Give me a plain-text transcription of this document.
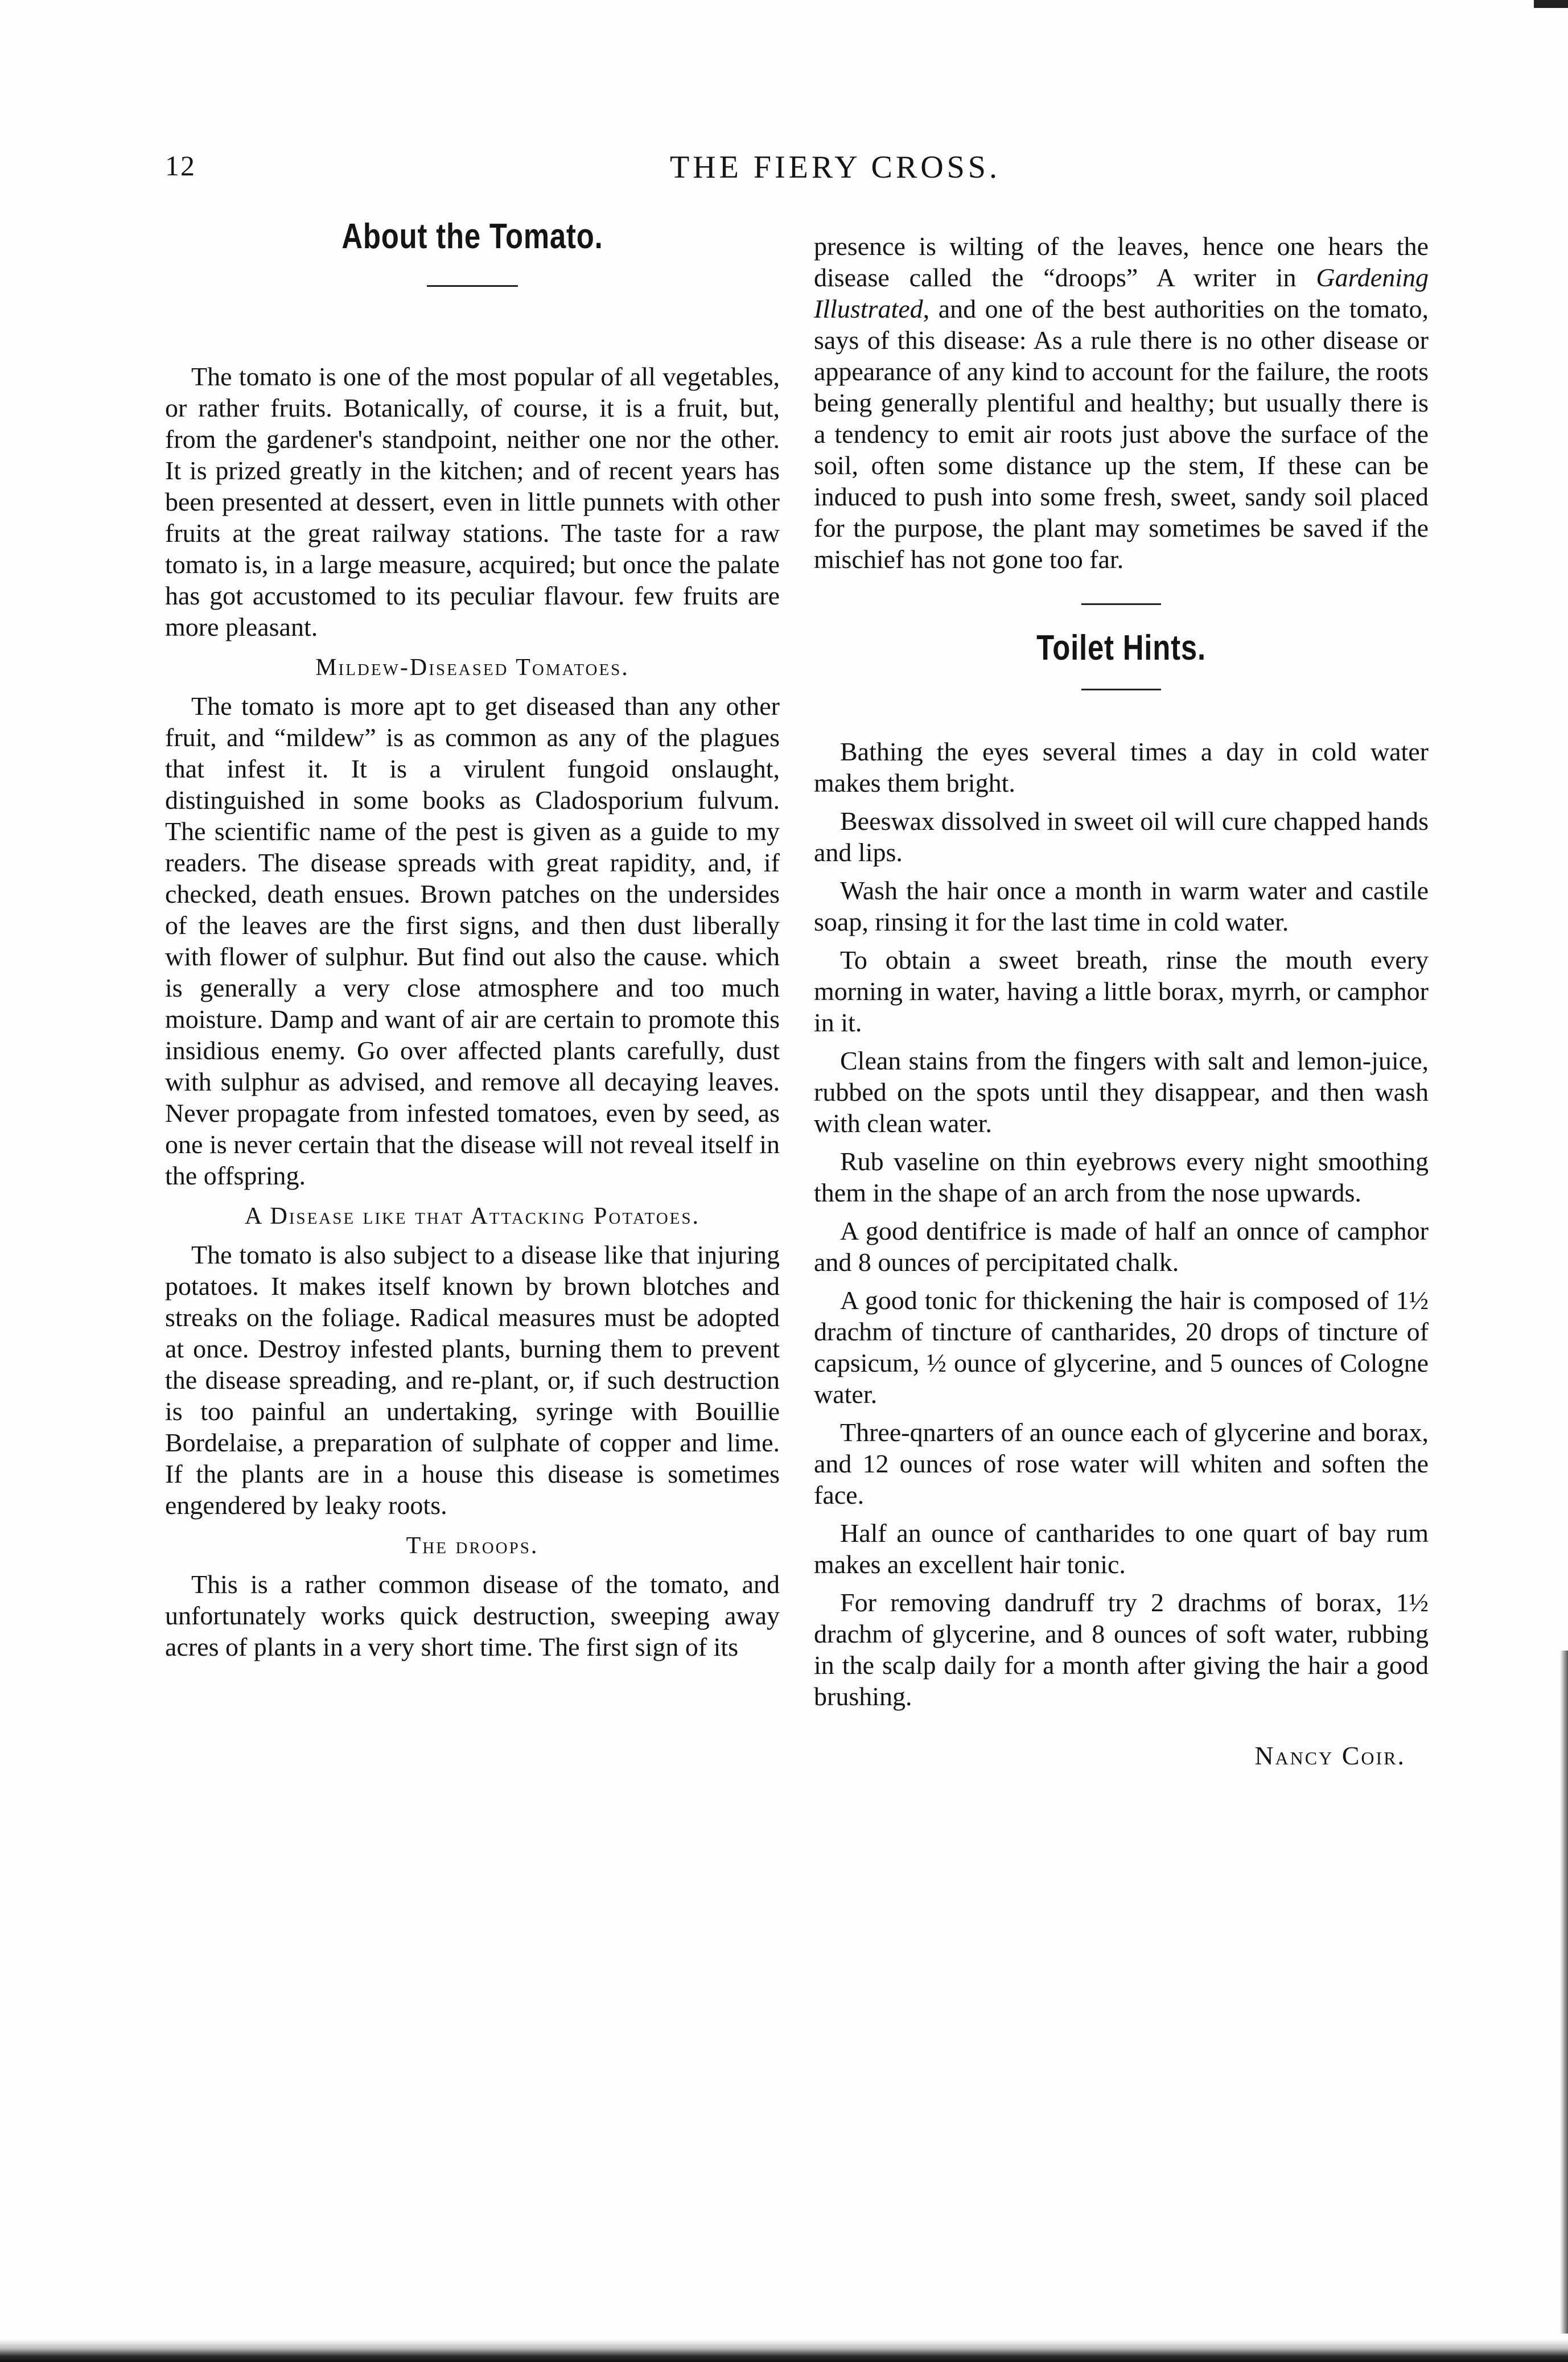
12	THE FIERY CROSS.
About the Tomato.

The tomato is one of the most popular of all vegetables, or rather fruits. Botanically, of course, it is a fruit, but, from the gardener's standpoint, neither one nor the other. It is prized greatly in the kitchen; and of recent years has been presented at dessert, even in little punnets with other fruits at the great railway stations. The taste for a raw tomato is, in a large measure, acquired; but once the palate has got accustomed to its peculiar flavour. few fruits are more pleasant.

Mildew-Diseased Tomatoes.

The tomato is more apt to get diseased than any other fruit, and “mildew” is as common as any of the plagues that infest it. It is a virulent fungoid onslaught, distinguished in some books as Cladosporium fulvum. The scientific name of the pest is given as a guide to my readers. The disease spreads with great rapidity, and, if checked, death ensues. Brown patches on the undersides of the leaves are the first signs, and then dust liberally with flower of sulphur. But find out also the cause. which is generally a very close atmosphere and too much moisture. Damp and want of air are certain to promote this insidious enemy. Go over affected plants carefully, dust with sulphur as advised, and remove all decaying leaves. Never propagate from infested tomatoes, even by seed, as one is never certain that the disease will not reveal itself in the offspring.

A Disease like that Attacking Potatoes.

The tomato is also subject to a disease like that injuring potatoes. It makes itself known by brown blotches and streaks on the foliage. Radical measures must be adopted at once. Destroy infested plants, burning them to prevent the disease spreading, and re-plant, or, if such destruction is too painful an undertaking, syringe with Bouillie Bordelaise, a preparation of sulphate of copper and lime. If the plants are in a house this disease is sometimes engendered by leaky roots.

The droops.

This is a rather common disease of the tomato, and unfortunately works quick destruction, sweeping away acres of plants in a very short time. The first sign of its

presence is wilting of the leaves, hence one hears the disease called the “droops” A writer in Gardening Illustrated, and one of the best authorities on the tomato, says of this disease: As a rule there is no other disease or appearance of any kind to account for the failure, the roots being generally plentiful and healthy; but usually there is a tendency to emit air roots just above the surface of the soil, often some distance up the stem, If these can be induced to push into some fresh, sweet, sandy soil placed for the purpose, the plant may sometimes be saved if the mischief has not gone too far.

Toilet Hints.

Bathing the eyes several times a day in cold water makes them bright.

Beeswax dissolved in sweet oil will cure chapped hands and lips.

Wash the hair once a month in warm water and castile soap, rinsing it for the last time in cold water.

To obtain a sweet breath, rinse the mouth every morning in water, having a little borax, myrrh, or camphor in it.

Clean stains from the fingers with salt and lemon-juice, rubbed on the spots until they disappear, and then wash with clean water.

Rub vaseline on thin eyebrows every night smoothing them in the shape of an arch from the nose upwards.

A good dentifrice is made of half an onnce of camphor and 8 ounces of percipitated chalk.

A good tonic for thickening the hair is composed of 1½ drachm of tincture of cantharides, 20 drops of tincture of capsicum, ½ ounce of glycerine, and 5 ounces of Cologne water.

Three-qnarters of an ounce each of glycerine and borax, and 12 ounces of rose water will whiten and soften the face.

Half an ounce of cantharides to one quart of bay rum makes an excellent hair tonic.

For removing dandruff try 2 drachms of borax, 1½ drachm of glycerine, and 8 ounces of soft water, rubbing in the scalp daily for a month after giving the hair a good brushing.

Nancy Coir.
